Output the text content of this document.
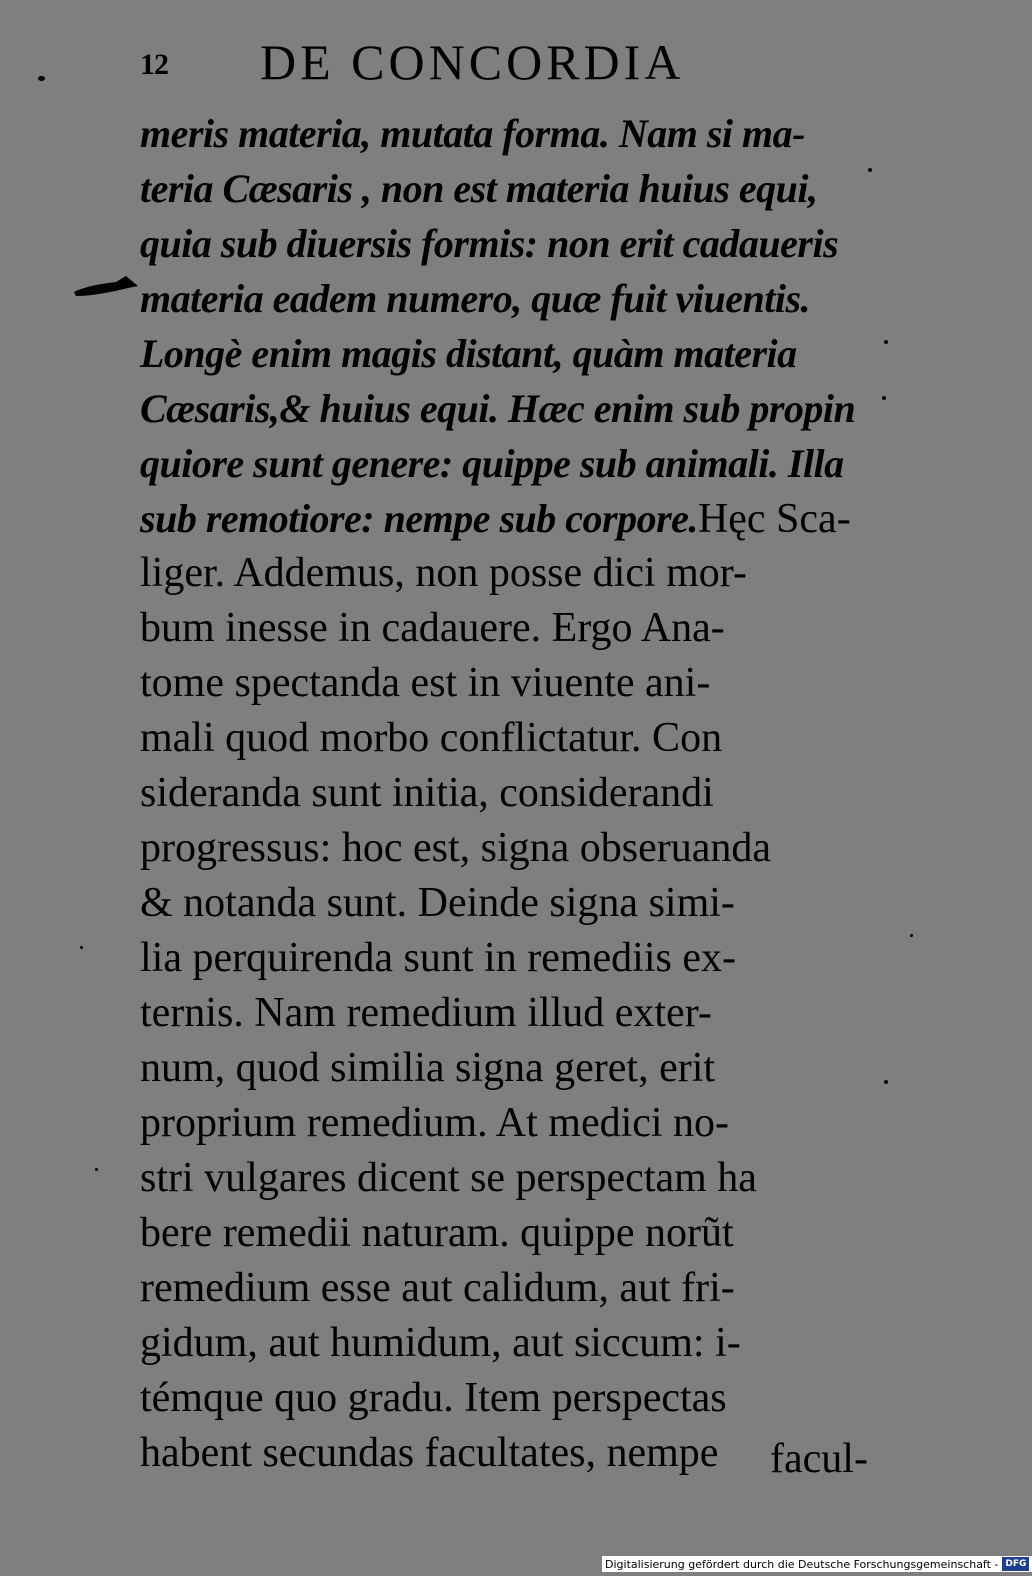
12 DE CONCORDIA
meris materia, mutata forma. Nam si ma-
teria Cæsaris , non est materia huius equi,
quia sub diuersis formis: non erit cadaueris
materia eadem numero, quæ fuit viuentis.
Longè enim magis distant, quàm materia
Cæsaris,& huius equi. Hæc enim sub propin
quiore sunt genere: quippe sub animali. Illa
sub remotiore: nempe sub corpore.Hęc Sca-
liger. Addemus, non posse dici mor-
bum inesse in cadauere. Ergo Ana-
tome spectanda est in viuente ani-
mali quod morbo conflictatur. Con
sideranda sunt initia, considerandi
progressus: hoc est, signa obseruanda
& notanda sunt. Deinde signa simi-
lia perquirenda sunt in remediis ex-
ternis. Nam remedium illud exter-
num, quod similia signa geret, erit
proprium remedium. At medici no-
stri vulgares dicent se perspectam ha
bere remedii naturam. quippe norũt
remedium esse aut calidum, aut fri-
gidum, aut humidum, aut siccum: i-
témque quo gradu. Item perspectas
habent secundas facultates, nempe	facul-
Digitalisierung gefördert durch die Deutsche Forschungsgemeinschaft - DFG
